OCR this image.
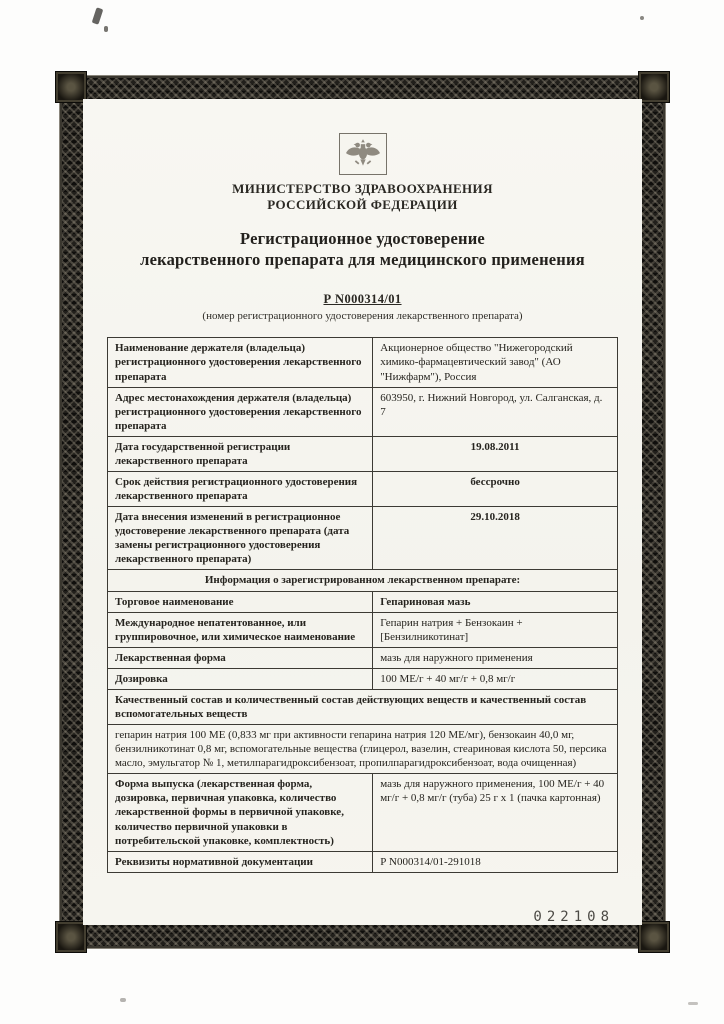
МИНИСТЕРСТВО ЗДРАВООХРАНЕНИЯ
РОССИЙСКОЙ ФЕДЕРАЦИИ
Регистрационное удостоверение
лекарственного препарата для медицинского применения
Р N000314/01
(номер регистрационного удостоверения лекарственного препарата)
Наименование держателя (владельца) регистрационного удостоверения лекарственного препарата	Акционерное общество "Нижегородский химико-фармацевтический завод" (АО "Нижфарм"), Россия
Адрес местонахождения держателя (владельца) регистрационного удостоверения лекарственного препарата	603950, г. Нижний Новгород, ул. Салганская, д. 7
Дата государственной регистрации лекарственного препарата	19.08.2011
Срок действия регистрационного удостоверения лекарственного препарата	бессрочно
Дата внесения изменений в регистрационное удостоверение лекарственного препарата (дата замены регистрационного удостоверения лекарственного препарата)	29.10.2018
Информация о зарегистрированном лекарственном препарате:	
Торговое наименование	Гепариновая мазь
Международное непатентованное, или группировочное, или химическое наименование	Гепарин натрия + Бензокаин + [Бензилникотинат]
Лекарственная форма	мазь для наружного применения
Дозировка	100 МЕ/г + 40 мг/г + 0,8 мг/г
Качественный состав и количественный состав действующих веществ и качественный состав вспомогательных веществ	
гепарин натрия 100 МЕ (0,833 мг при активности гепарина натрия 120 МЕ/мг), бензокаин 40,0 мг, бензилникотинат 0,8 мг, вспомогательные вещества (глицерол, вазелин, стеариновая кислота 50, персика масло, эмульгатор № 1, метилпарагидроксибензоат, пропилпарагидроксибензоат, вода очищенная)	
Форма выпуска (лекарственная форма, дозировка, первичная упаковка, количество лекарственной формы в первичной упаковке, количество первичной упаковки в потребительской упаковке, комплектность)	мазь для наружного применения, 100 МЕ/г + 40 мг/г + 0,8 мг/г (туба) 25 г х 1 (пачка картонная)
Реквизиты нормативной документации	Р N000314/01-291018
022108
